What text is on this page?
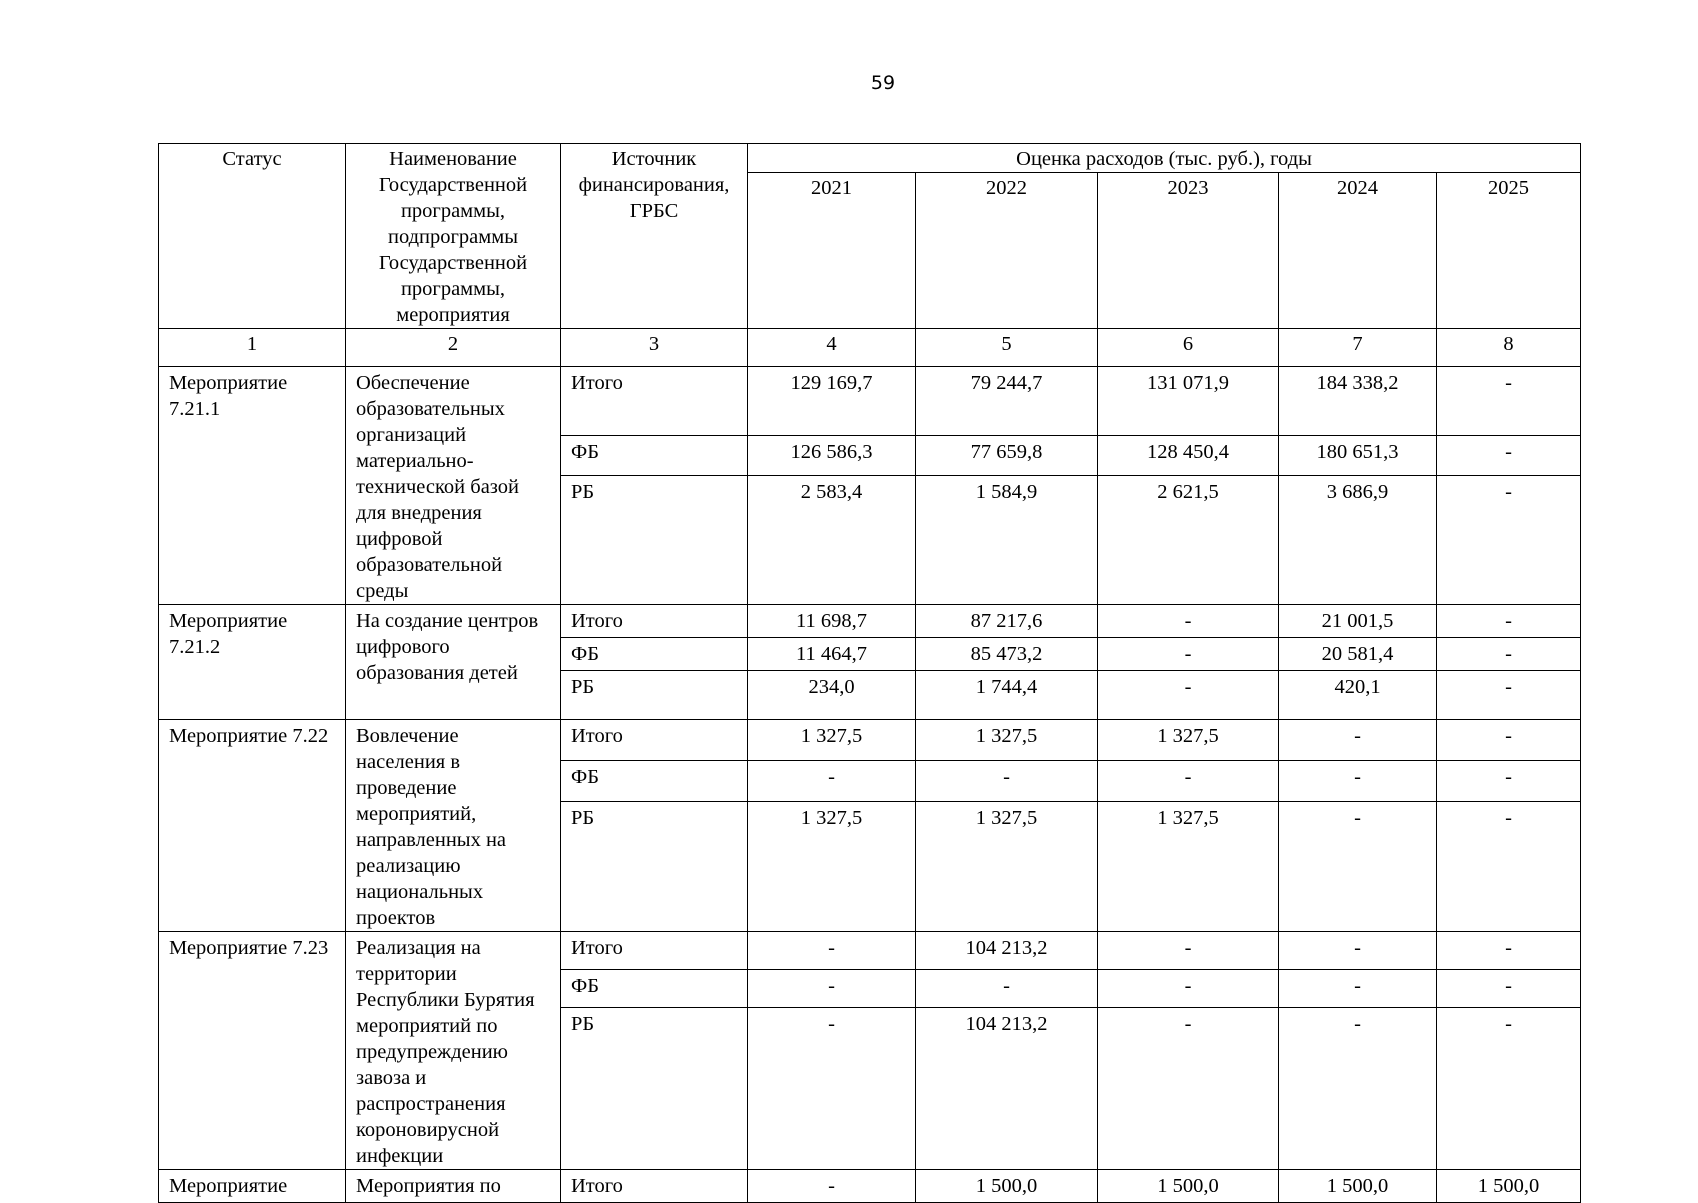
59
Статус	Наименование Государственной программы, подпрограммы Государственной программы, мероприятия	Источник финансирования, ГРБС	Оценка расходов (тыс. руб.), годы				
			2021	2022	2023	2024	2025
1	2	3	4	5	6	7	8
Мероприятие 7.21.1	Обеспечение образовательных организаций материально-технической базой для внедрения цифровой образовательной среды	Итого	129 169,7	79 244,7	131 071,9	184 338,2	-
		ФБ	126 586,3	77 659,8	128 450,4	180 651,3	-
		РБ	2 583,4	1 584,9	2 621,5	3 686,9	-
Мероприятие 7.21.2	На создание центров цифрового образования детей	Итого	11 698,7	87 217,6	-	21 001,5	-
		ФБ	11 464,7	85 473,2	-	20 581,4	-
		РБ	234,0	1 744,4	-	420,1	-
Мероприятие 7.22	Вовлечение населения в проведение мероприятий, направленных на реализацию национальных проектов	Итого	1 327,5	1 327,5	1 327,5	-	-
		ФБ	-	-	-	-	-
		РБ	1 327,5	1 327,5	1 327,5	-	-
Мероприятие 7.23	Реализация на территории Республики Бурятия мероприятий по предупреждению завоза и распространения короновирусной инфекции	Итого	-	104 213,2	-	-	-
		ФБ	-	-	-	-	-
		РБ	-	104 213,2	-	-	-
Мероприятие	Мероприятия по	Итого	-	1 500,0	1 500,0	1 500,0	1 500,0
